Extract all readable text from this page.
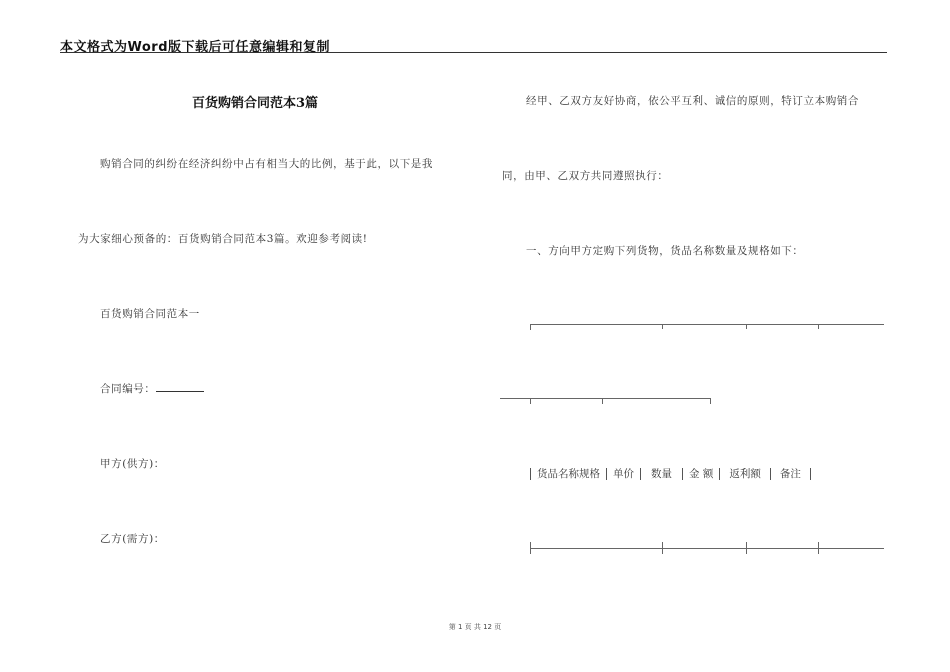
本文格式为Word版下载后可任意编辑和复制
百货购销合同范本3篇
购销合同的纠纷在经济纠纷中占有相当大的比例，基于此，以下是我
为大家细心预备的：百货购销合同范本3篇。欢迎参考阅读!
百货购销合同范本一
合同编号：
甲方(供方)：
乙方(需方)：
经甲、乙双方友好协商，依公平互利、诚信的原则，特订立本购销合
同，由甲、乙双方共同遵照执行：
一、方向甲方定购下列货物，货品名称数量及规格如下：
货品名称规格	单价	数量	金 额	返利额	备注
第 1 页 共 12 页
